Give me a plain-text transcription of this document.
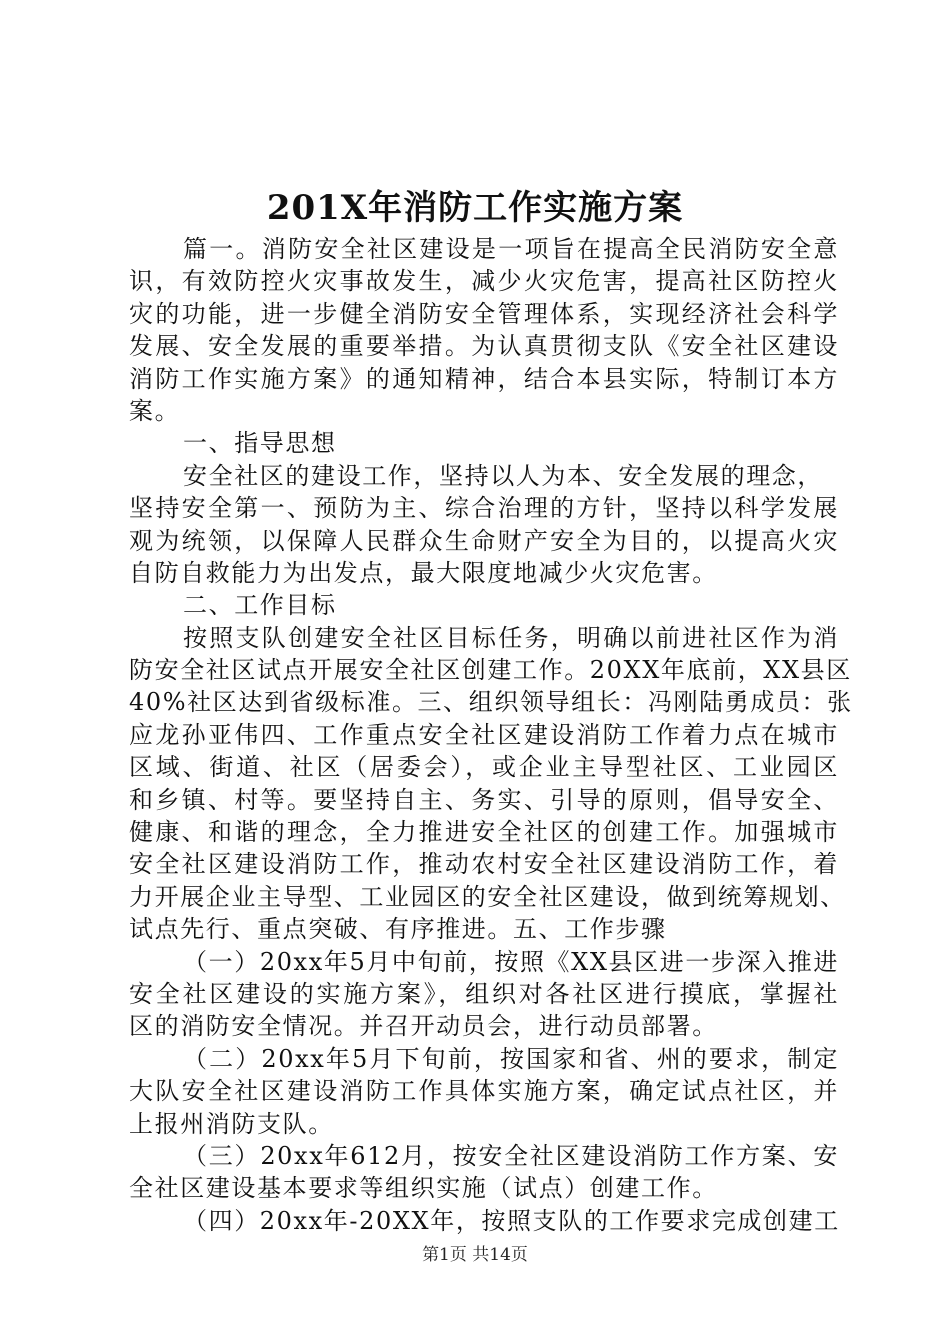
201X年消防工作实施方案
篇一。消防安全社区建设是一项旨在提高全民消防安全意
识，有效防控火灾事故发生，减少火灾危害，提高社区防控火
灾的功能，进一步健全消防安全管理体系，实现经济社会科学
发展、安全发展的重要举措。为认真贯彻支队《安全社区建设
消防工作实施方案》的通知精神，结合本县实际，特制订本方
案。
一、指导思想
安全社区的建设工作，坚持以人为本、安全发展的理念，
坚持安全第一、预防为主、综合治理的方针，坚持以科学发展
观为统领，以保障人民群众生命财产安全为目的，以提高火灾
自防自救能力为出发点，最大限度地减少火灾危害。
二、工作目标
按照支队创建安全社区目标任务，明确以前进社区作为消
防安全社区试点开展安全社区创建工作。20XX年底前，XX县区
40%社区达到省级标准。三、组织领导组长：冯刚陆勇成员：张
应龙孙亚伟四、工作重点安全社区建设消防工作着力点在城市
区域、街道、社区（居委会），或企业主导型社区、工业园区
和乡镇、村等。要坚持自主、务实、引导的原则，倡导安全、
健康、和谐的理念，全力推进安全社区的创建工作。加强城市
安全社区建设消防工作，推动农村安全社区建设消防工作，着
力开展企业主导型、工业园区的安全社区建设，做到统筹规划、
试点先行、重点突破、有序推进。五、工作步骤
（一）20xx年5月中旬前，按照《XX县区进一步深入推进
安全社区建设的实施方案》，组织对各社区进行摸底，掌握社
区的消防安全情况。并召开动员会，进行动员部署。
（二）20xx年5月下旬前，按国家和省、州的要求，制定
大队安全社区建设消防工作具体实施方案，确定试点社区，并
上报州消防支队。
（三）20xx年612月，按安全社区建设消防工作方案、安
全社区建设基本要求等组织实施（试点）创建工作。
（四）20xx年-20XX年，按照支队的工作要求完成创建工
第1页 共14页
